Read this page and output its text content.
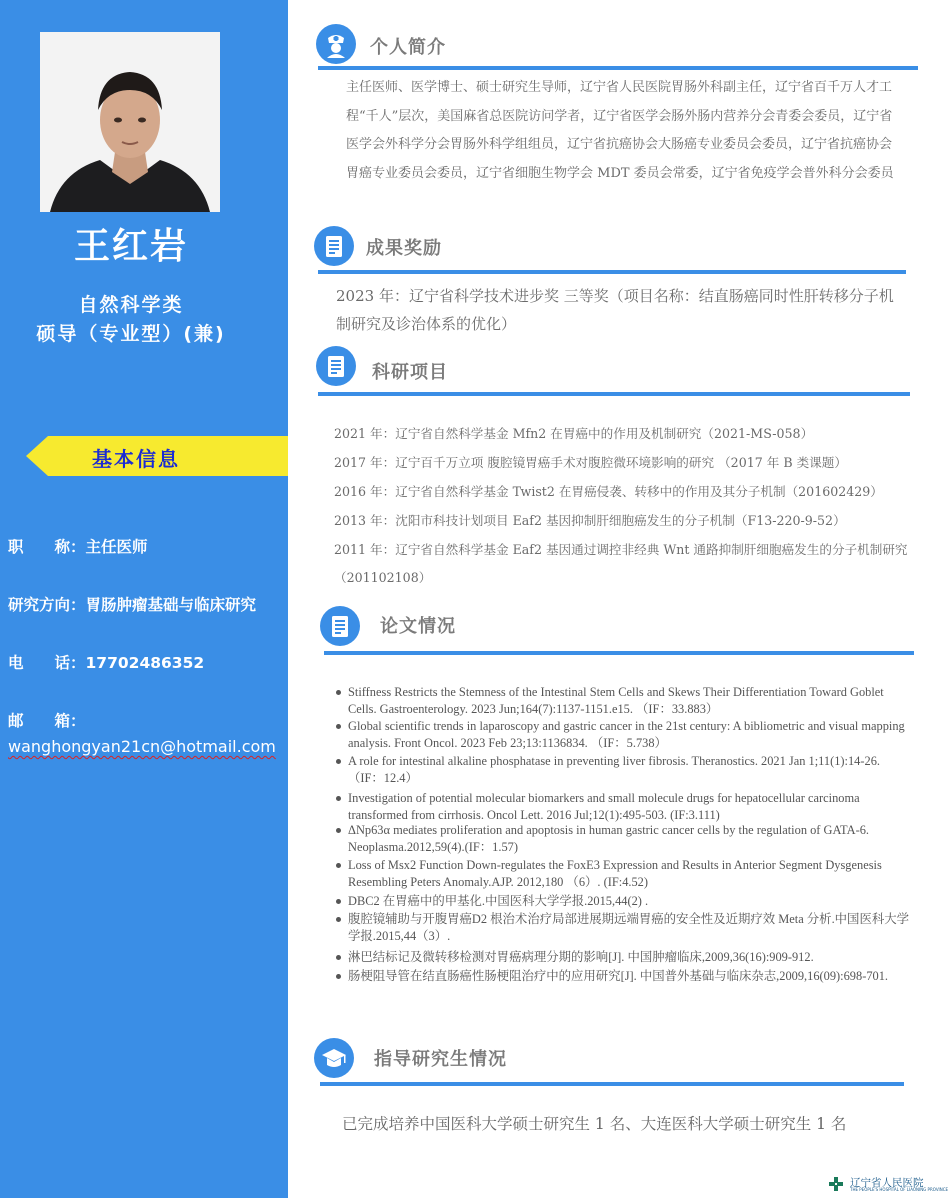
王红岩
自然科学类
硕导（专业型）(兼)
基本信息
职　　称：主任医师
研究方向：胃肠肿瘤基础与临床研究
电　　话：17702486352
邮　　箱：
wanghongyan21cn@hotmail.com
个人简介
主任医师、医学博士、硕士研究生导师，辽宁省人民医院胃肠外科副主任，辽宁省百千万人才工程“千人”层次，美国麻省总医院访问学者，辽宁省医学会肠外肠内营养分会青委会委员，辽宁省医学会外科学分会胃肠外科学组组员，辽宁省抗癌协会大肠癌专业委员会委员，辽宁省抗癌协会胃癌专业委员会委员，辽宁省细胞生物学会 MDT 委员会常委，辽宁省免疫学会普外科分会委员
成果奖励
2023 年：辽宁省科学技术进步奖 三等奖（项目名称：结直肠癌同时性肝转移分子机制研究及诊治体系的优化）
科研项目
2021 年：辽宁省自然科学基金 Mfn2 在胃癌中的作用及机制研究（2021-MS-058）
2017 年：辽宁百千万立项 腹腔镜胃癌手术对腹腔微环境影响的研究 （2017 年 B 类课题）
2016 年：辽宁省自然科学基金 Twist2 在胃癌侵袭、转移中的作用及其分子机制（201602429）
2013 年：沈阳市科技计划项目 Eaf2 基因抑制肝细胞癌发生的分子机制（F13-220-9-52）
2011 年：辽宁省自然科学基金 Eaf2 基因通过调控非经典 Wnt 通路抑制肝细胞癌发生的分子机制研究（201102108）
论文情况
Stiffness Restricts the Stemness of the Intestinal Stem Cells and Skews Their Differentiation Toward Goblet Cells. Gastroenterology. 2023 Jun;164(7):1137-1151.e15. （IF：33.883）
Global scientific trends in laparoscopy and gastric cancer in the 21st century: A bibliometric and visual mapping analysis. Front Oncol. 2023 Feb 23;13:1136834. （IF：5.738）
A role for intestinal alkaline phosphatase in preventing liver fibrosis. Theranostics. 2021 Jan 1;11(1):14-26. （IF：12.4）
Investigation of potential molecular biomarkers and small molecule drugs for hepatocellular carcinoma transformed from cirrhosis. Oncol Lett. 2016 Jul;12(1):495-503. (IF:3.111)
ΔNp63α mediates proliferation and apoptosis in human gastric cancer cells by the regulation of GATA-6. Neoplasma.2012,59(4).(IF：1.57)
Loss of Msx2 Function Down-regulates the FoxE3 Expression and Results in Anterior Segment Dysgenesis Resembling Peters Anomaly.AJP. 2012,180 （6）. (IF:4.52)
DBC2 在胃癌中的甲基化.中国医科大学学报.2015,44(2) .
腹腔镜辅助与开腹胃癌D2 根治术治疗局部进展期远端胃癌的安全性及近期疗效 Meta 分析.中国医科大学学报.2015,44（3）.
淋巴结标记及微转移检测对胃癌病理分期的影响[J]. 中国肿瘤临床,2009,36(16):909-912.
肠梗阻导管在结直肠癌性肠梗阻治疗中的应用研究[J]. 中国普外基础与临床杂志,2009,16(09):698-701.
指导研究生情况
已完成培养中国医科大学硕士研究生 1 名、大连医科大学硕士研究生 1 名
辽宁省人民医院
THE PEOPLE'S HOSPITAL OF LIAONING PROVINCE
